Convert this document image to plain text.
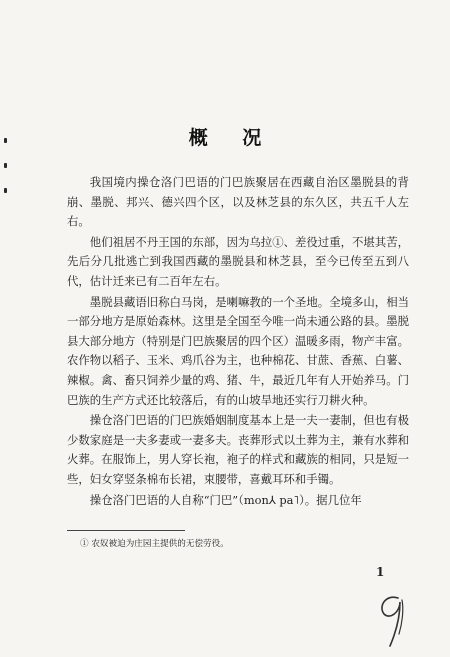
概 况

我国境内操仓洛门巴语的门巴族聚居在西藏自治区墨脱县的背崩、墨脱、邦兴、德兴四个区，以及林芝县的东久区，共五千人左右。

他们祖居不丹王国的东部，因为乌拉①、差役过重，不堪其苦，先后分几批逃亡到我国西藏的墨脱县和林芝县，至今已传至五到八代，估计迁来已有二百年左右。

墨脱县藏语旧称白马岗，是喇嘛教的一个圣地。全境多山，相当一部分地方是原始森林。这里是全国至今唯一尚未通公路的县。墨脱县大部分地方（特别是门巴族聚居的四个区）温暖多雨，物产丰富。农作物以稻子、玉米、鸡爪谷为主，也种棉花、甘蔗、香蕉、白薯、辣椒。禽、畜只饲养少量的鸡、猪、牛，最近几年有人开始养马。门巴族的生产方式还比较落后，有的山坡旱地还实行刀耕火种。

操仓洛门巴语的门巴族婚姻制度基本上是一夫一妻制，但也有极少数家庭是一夫多妻或一妻多夫。丧葬形式以土葬为主，兼有水葬和火葬。在服饰上，男人穿长袍，袍子的样式和藏族的相同，只是短一些，妇女穿竖条棉布长裙，束腰带，喜戴耳环和手镯。

操仓洛门巴语的人自称“门巴”（mon⅄ pa˥）。据几位年

① 农奴被迫为庄园主提供的无偿劳役。
1
